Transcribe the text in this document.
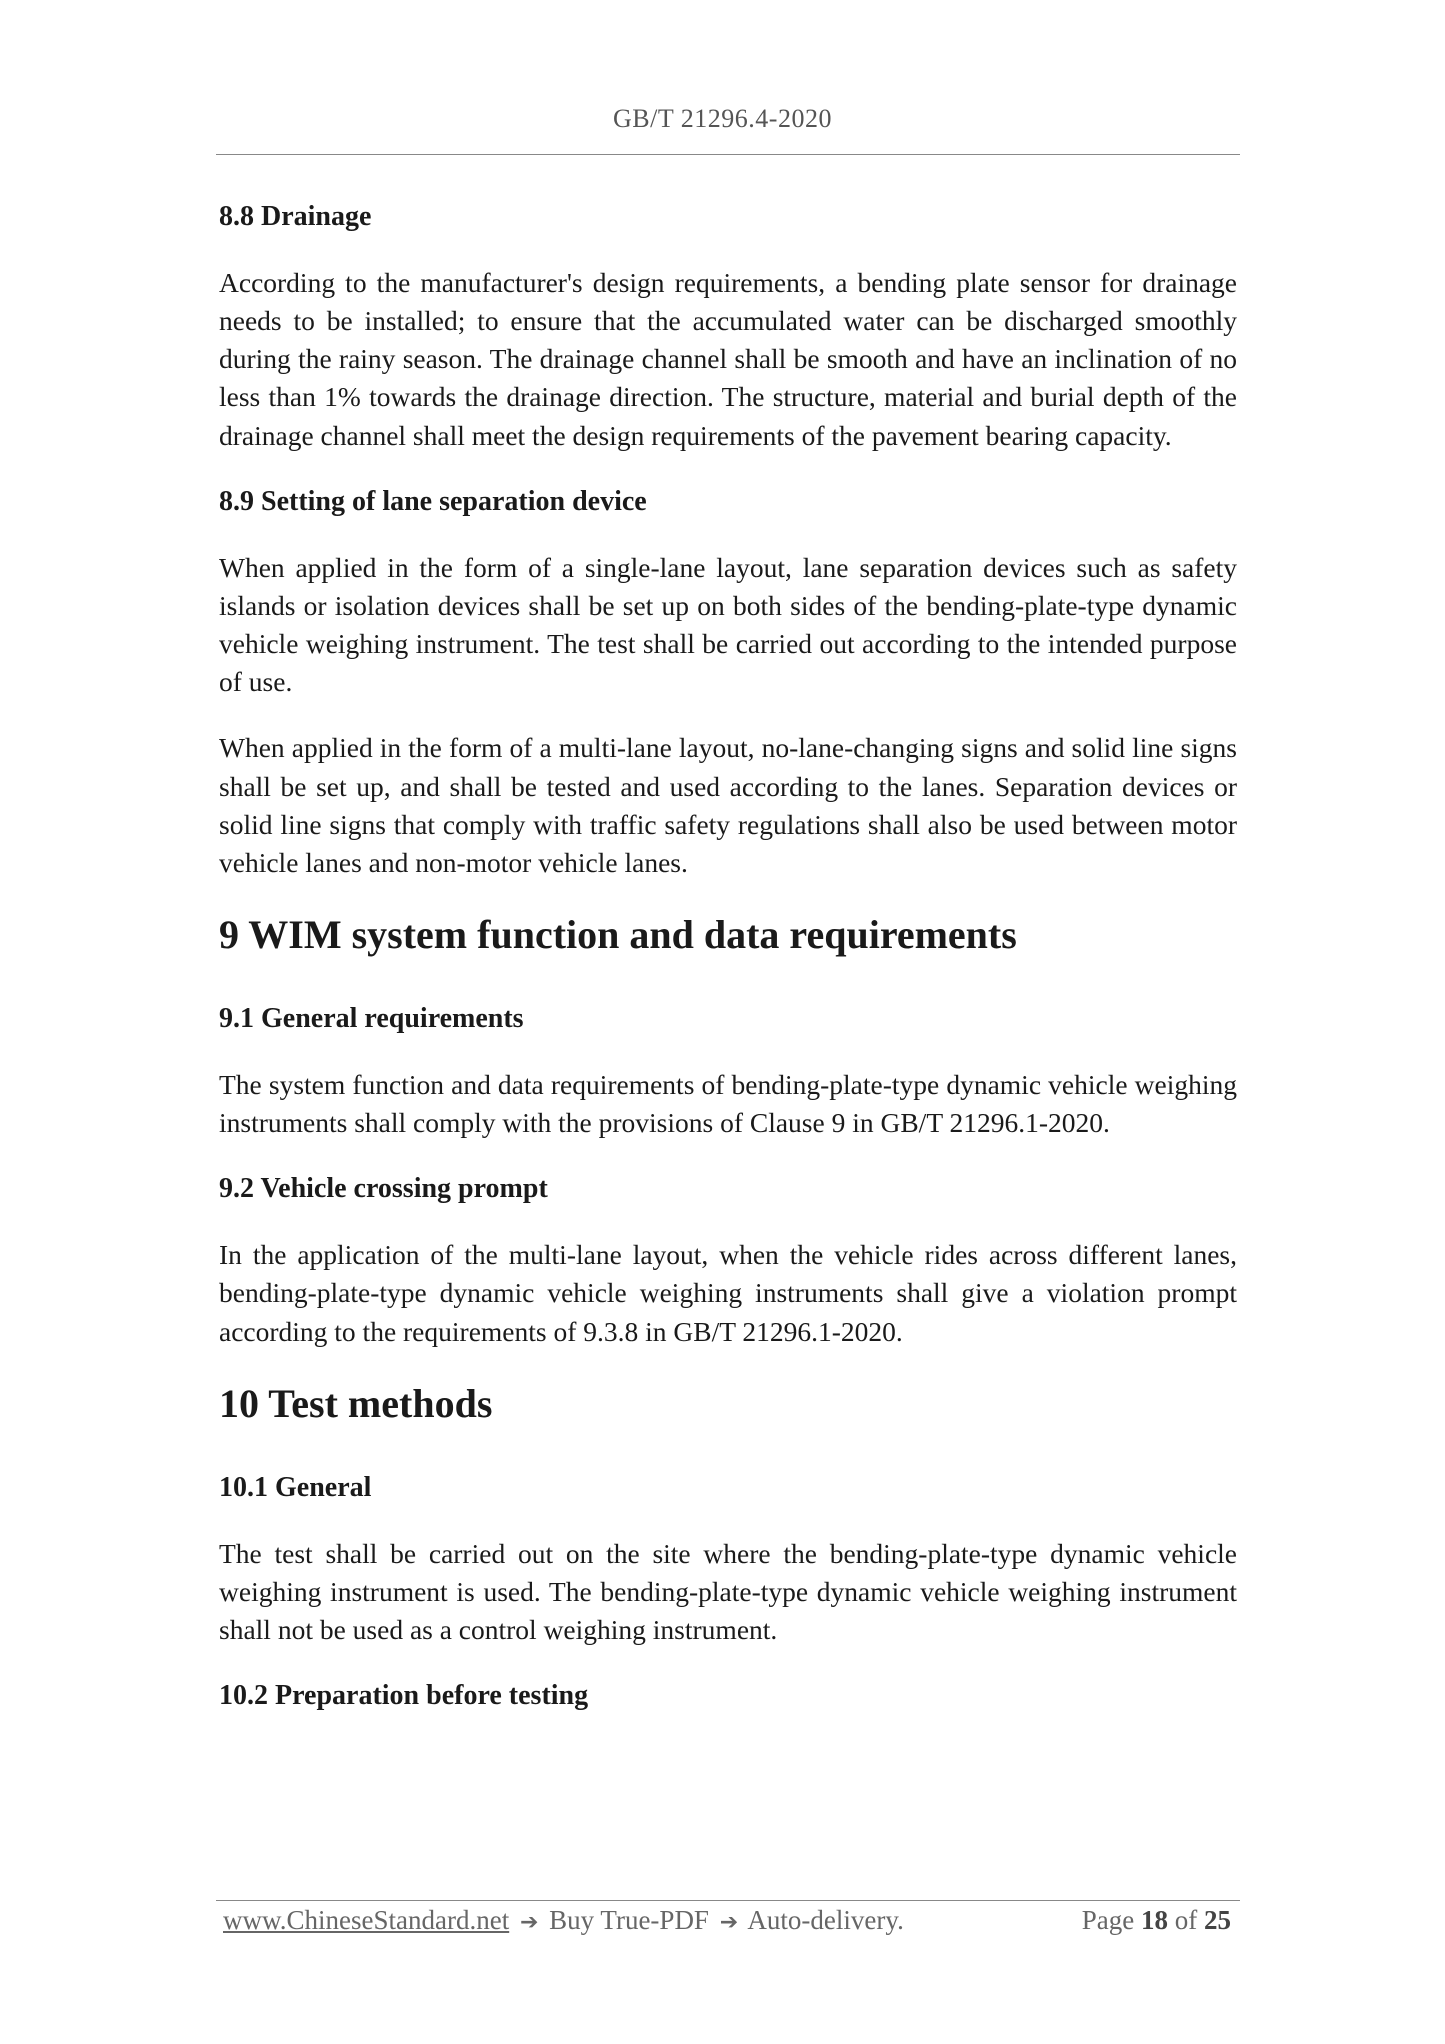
GB/T 21296.4-2020
8.8 Drainage

According to the manufacturer's design requirements, a bending plate sensor for drainage needs to be installed; to ensure that the accumulated water can be discharged smoothly during the rainy season. The drainage channel shall be smooth and have an inclination of no less than 1% towards the drainage direction. The structure, material and burial depth of the drainage channel shall meet the design requirements of the pavement bearing capacity.

8.9 Setting of lane separation device

When applied in the form of a single-lane layout, lane separation devices such as safety islands or isolation devices shall be set up on both sides of the bending-plate-type dynamic vehicle weighing instrument. The test shall be carried out according to the intended purpose of use.

When applied in the form of a multi-lane layout, no-lane-changing signs and solid line signs shall be set up, and shall be tested and used according to the lanes. Separation devices or solid line signs that comply with traffic safety regulations shall also be used between motor vehicle lanes and non-motor vehicle lanes.

9 WIM system function and data requirements
9.1 General requirements

The system function and data requirements of bending-plate-type dynamic vehicle weighing instruments shall comply with the provisions of Clause 9 in GB/T 21296.1-2020.

9.2 Vehicle crossing prompt

In the application of the multi-lane layout, when the vehicle rides across different lanes, bending-plate-type dynamic vehicle weighing instruments shall give a violation prompt according to the requirements of 9.3.8 in GB/T 21296.1-2020.

10 Test methods
10.1 General

The test shall be carried out on the site where the bending-plate-type dynamic vehicle weighing instrument is used. The bending-plate-type dynamic vehicle weighing instrument shall not be used as a control weighing instrument.

10.2 Preparation before testing
www.ChineseStandard.net ➔ Buy True-PDF ➔ Auto-delivery.	Page 18 of 25
